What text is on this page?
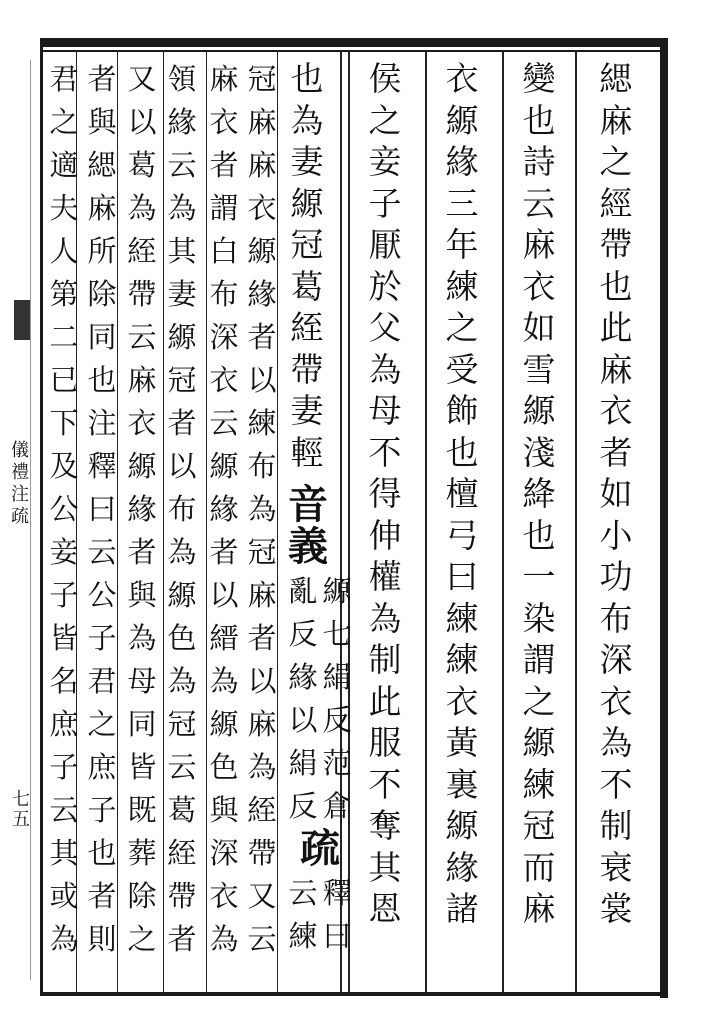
儀
禮
注
疏
七
五
緦
麻
之
經
帶
也
此
麻
衣
者
如
小
功
布
深
衣
為
不
制
衰
裳
變
也
詩
云
麻
衣
如
雪
縓
淺
絳
也
一
染
謂
之
縓
練
冠
而
麻
衣
縓
緣
三
年
練
之
受
飾
也
檀
弓
曰
練
練
衣
黃
裏
縓
緣
諸
侯
之
妾
子
厭
於
父
為
母
不
得
伸
權
為
制
此
服
不
奪
其
恩
也
為
妻
縓
冠
葛
絰
帶
妻
輕
音
義
縓
七
絹
反
范
倉
亂
反
緣
以
絹
反
疏
釋
曰
云
練
冠
麻
麻
衣
縓
緣
者
以
練
布
為
冠
麻
者
以
麻
為
絰
帶
又
云
麻
衣
者
謂
白
布
深
衣
云
縓
緣
者
以
縉
為
縓
色
與
深
衣
為
領
緣
云
為
其
妻
縓
冠
者
以
布
為
縓
色
為
冠
云
葛
絰
帶
者
又
以
葛
為
絰
帶
云
麻
衣
縓
緣
者
與
為
母
同
皆
既
葬
除
之
者
與
緦
麻
所
除
同
也
注
釋
曰
云
公
子
君
之
庶
子
也
者
則
君
之
適
夫
人
第
二
已
下
及
公
妾
子
皆
名
庶
子
云
其
或
為
